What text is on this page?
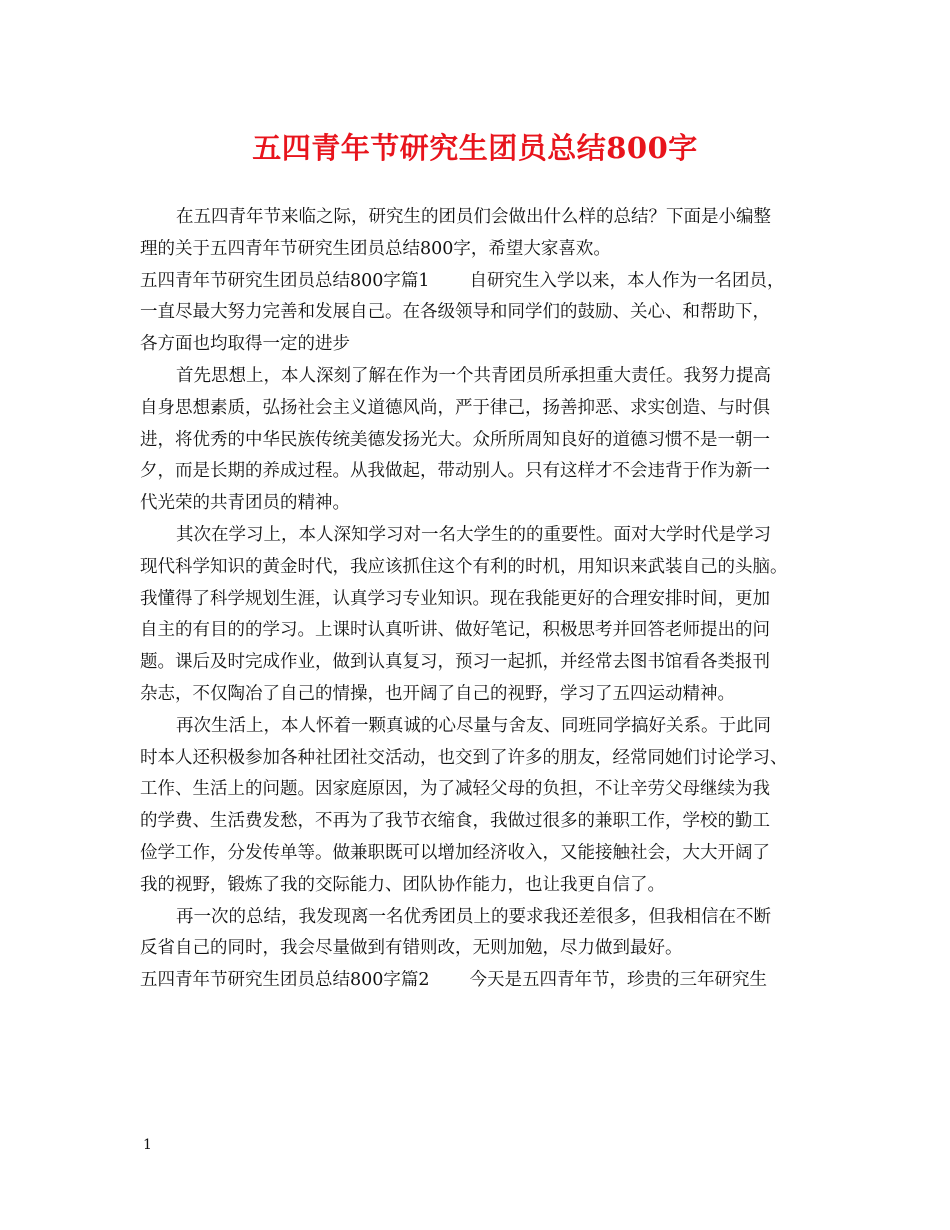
五四青年节研究生团员总结800字
在五四青年节来临之际，研究生的团员们会做出什么样的总结？下面是小编整
理的关于五四青年节研究生团员总结800字，希望大家喜欢。
五四青年节研究生团员总结800字篇1 自研究生入学以来，本人作为一名团员，
一直尽最大努力完善和发展自己。在各级领导和同学们的鼓励、关心、和帮助下，
各方面也均取得一定的进步
首先思想上，本人深刻了解在作为一个共青团员所承担重大责任。我努力提高
自身思想素质，弘扬社会主义道德风尚，严于律己，扬善抑恶、求实创造、与时俱
进，将优秀的中华民族传统美德发扬光大。众所所周知良好的道德习惯不是一朝一
夕，而是长期的养成过程。从我做起，带动别人。只有这样才不会违背于作为新一
代光荣的共青团员的精神。
其次在学习上，本人深知学习对一名大学生的的重要性。面对大学时代是学习
现代科学知识的黄金时代，我应该抓住这个有利的时机，用知识来武装自己的头脑。
我懂得了科学规划生涯，认真学习专业知识。现在我能更好的合理安排时间，更加
自主的有目的的学习。上课时认真听讲、做好笔记，积极思考并回答老师提出的问
题。课后及时完成作业，做到认真复习，预习一起抓，并经常去图书馆看各类报刊
杂志，不仅陶冶了自己的情操，也开阔了自己的视野，学习了五四运动精神。
再次生活上，本人怀着一颗真诚的心尽量与舍友、同班同学搞好关系。于此同
时本人还积极参加各种社团社交活动，也交到了许多的朋友，经常同她们讨论学习、
工作、生活上的问题。因家庭原因，为了减轻父母的负担，不让辛劳父母继续为我
的学费、生活费发愁，不再为了我节衣缩食，我做过很多的兼职工作，学校的勤工
俭学工作，分发传单等。做兼职既可以增加经济收入，又能接触社会，大大开阔了
我的视野，锻炼了我的交际能力、团队协作能力，也让我更自信了。
再一次的总结，我发现离一名优秀团员上的要求我还差很多，但我相信在不断
反省自己的同时，我会尽量做到有错则改，无则加勉，尽力做到最好。
五四青年节研究生团员总结800字篇2 今天是五四青年节，珍贵的三年研究生
1
